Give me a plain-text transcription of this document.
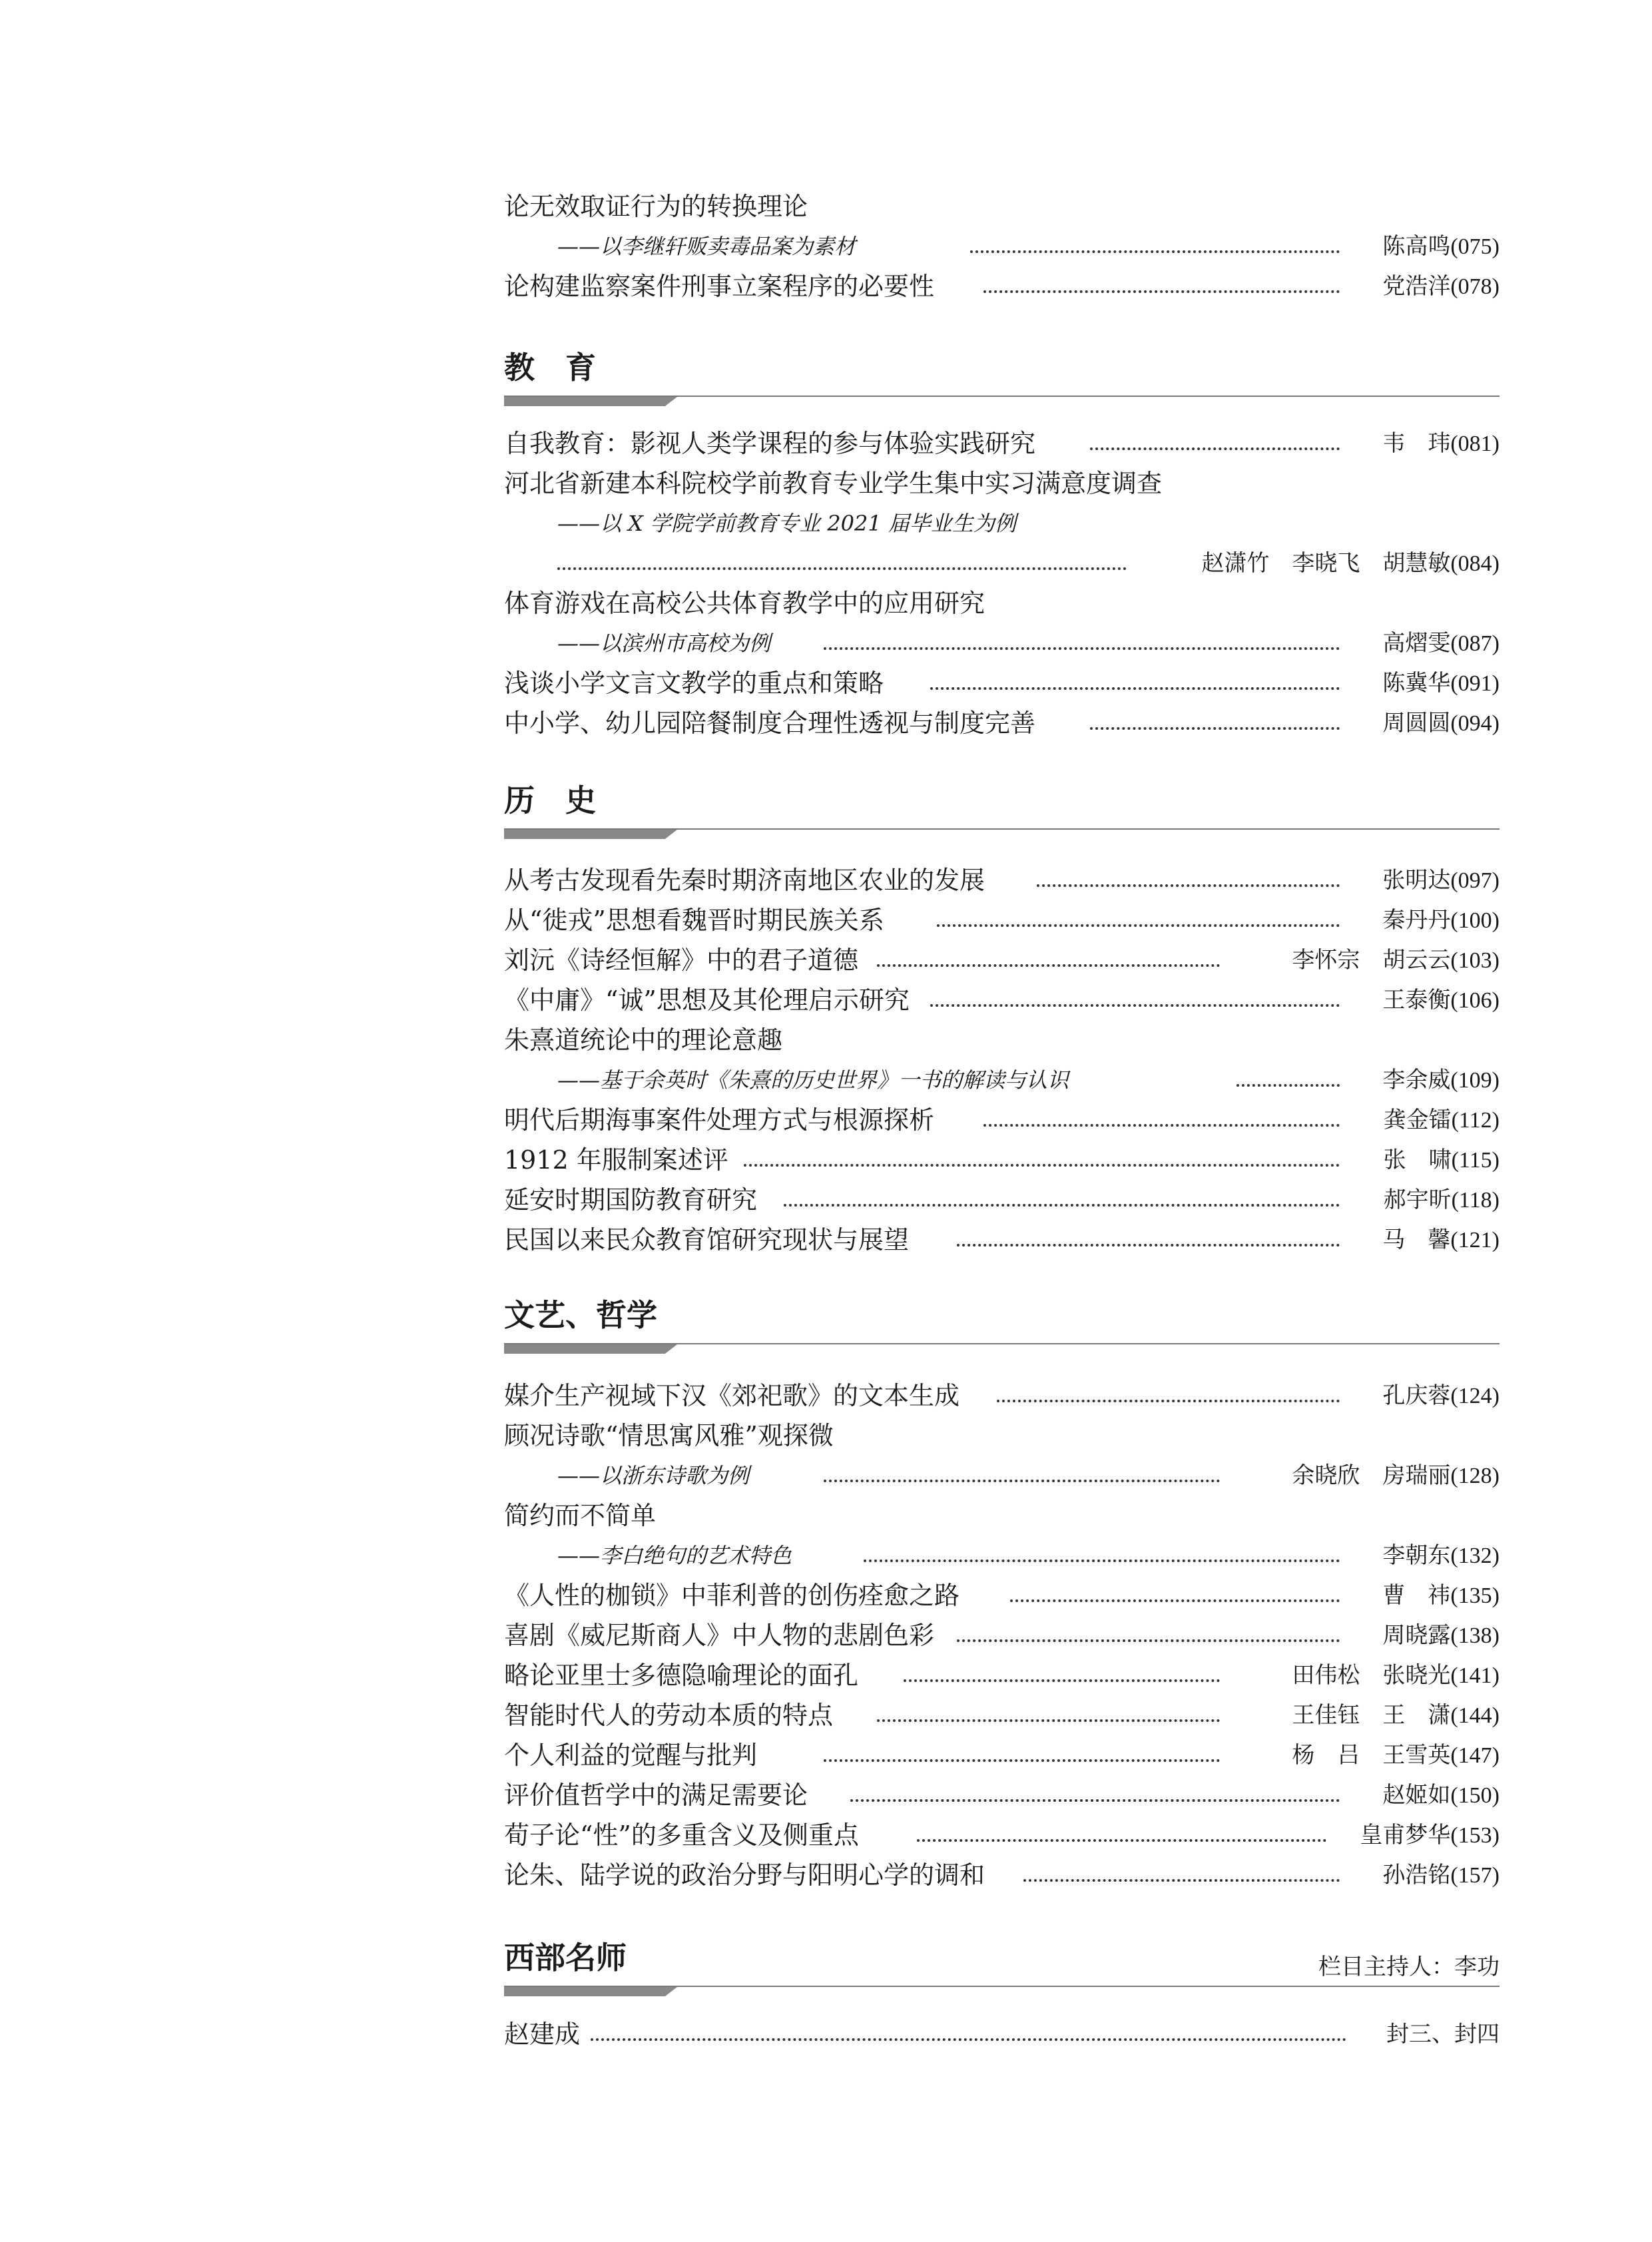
论无效取证行为的转换理论
——以李继轩贩卖毒品案为素材	陈高鸣(075)
论构建监察案件刑事立案程序的必要性	党浩洋(078)
教　育
自我教育：影视人类学课程的参与体验实践研究	韦　玮(081)
河北省新建本科院校学前教育专业学生集中实习满意度调查
——以 X 学院学前教育专业 2021 届毕业生为例
赵潇竹　李晓飞　胡慧敏(084)
体育游戏在高校公共体育教学中的应用研究
——以滨州市高校为例	高熠雯(087)
浅谈小学文言文教学的重点和策略	陈冀华(091)
中小学、幼儿园陪餐制度合理性透视与制度完善	周圆圆(094)
历　史
从考古发现看先秦时期济南地区农业的发展	张明达(097)
从“徙戎”思想看魏晋时期民族关系	秦丹丹(100)
刘沅《诗经恒解》中的君子道德	李怀宗　胡云云(103)
《中庸》“诚”思想及其伦理启示研究	王泰衡(106)
朱熹道统论中的理论意趣
——基于余英时《朱熹的历史世界》一书的解读与认识	李余威(109)
明代后期海事案件处理方式与根源探析	龚金镭(112)
1912 年服制案述评	张　啸(115)
延安时期国防教育研究	郝宇昕(118)
民国以来民众教育馆研究现状与展望	马　馨(121)
文艺、哲学
媒介生产视域下汉《郊祀歌》的文本生成	孔庆蓉(124)
顾况诗歌“情思寓风雅”观探微
——以浙东诗歌为例	余晓欣　房瑞丽(128)
简约而不简单
——李白绝句的艺术特色	李朝东(132)
《人性的枷锁》中菲利普的创伤痊愈之路	曹　祎(135)
喜剧《威尼斯商人》中人物的悲剧色彩	周晓露(138)
略论亚里士多德隐喻理论的面孔	田伟松　张晓光(141)
智能时代人的劳动本质的特点	王佳钰　王　潇(144)
个人利益的觉醒与批判	杨　吕　王雪英(147)
评价值哲学中的满足需要论	赵姬如(150)
荀子论“性”的多重含义及侧重点	皇甫梦华(153)
论朱、陆学说的政治分野与阳明心学的调和	孙浩铭(157)
西部名师	栏目主持人：李功
赵建成	封三、封四
